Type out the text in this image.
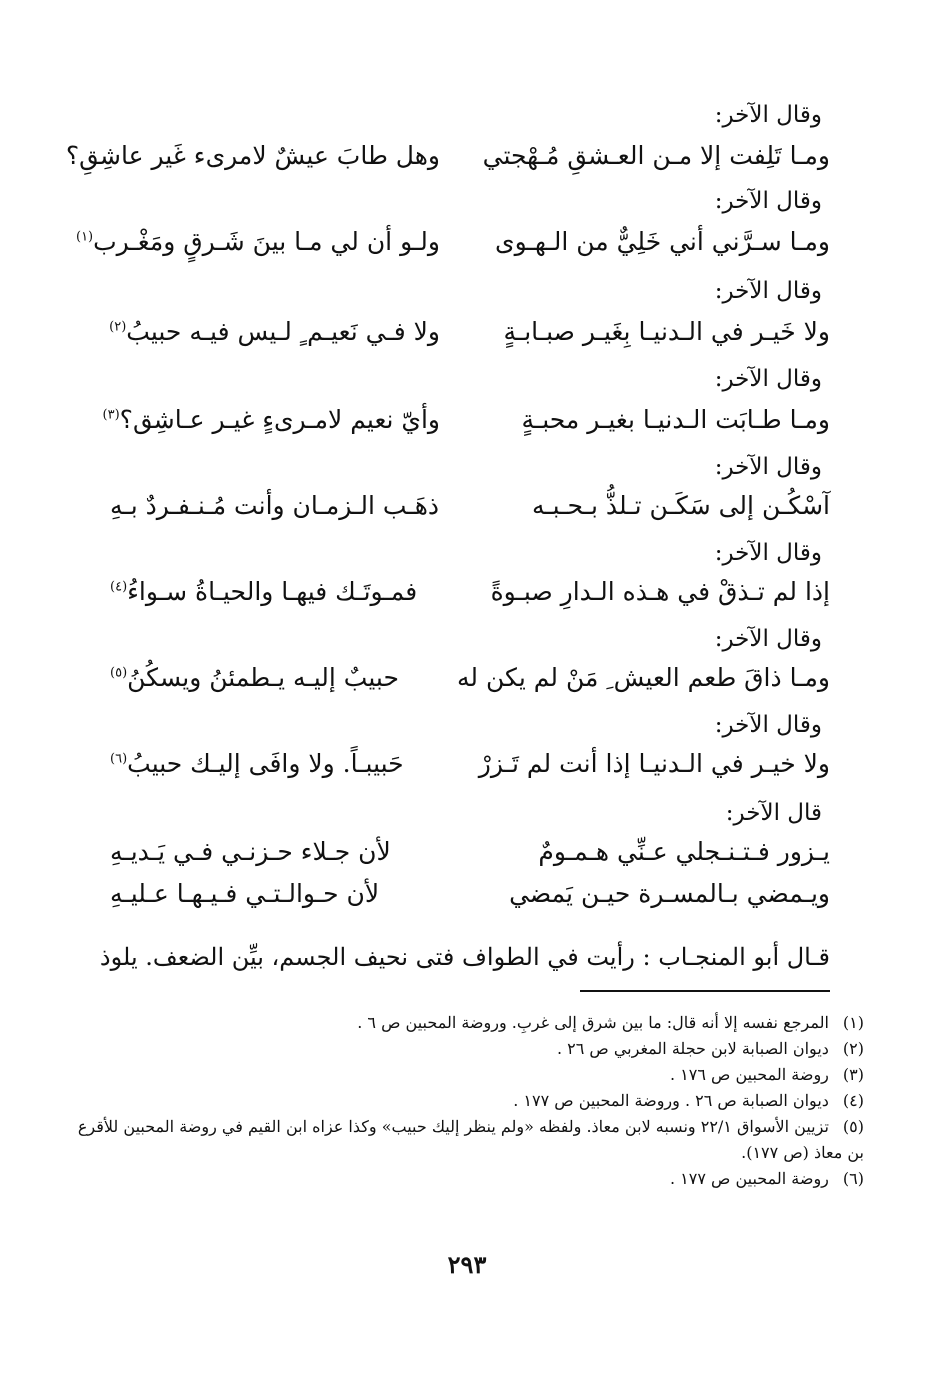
وقال الآخر:
ومـا تَلِفت إلا مـن العـشقِ مُـهْجتي
وهل طابَ عيشٌ لامرىء غَير عاشِقِ؟
وقال الآخر:
ومـا سـرَّني أني خَلِيٌّ من الـهـوى
ولـو أن لي مـا بينَ شَـرقٍ ومَغْـرب$^{(١)}$
وقال الآخر:
ولا خَيـر في الـدنيـا بِغَيـر صبـابـةٍ
ولا فـي نَعيـم ٍ لـيس فيـه حبيبُ$^{(٢)}$
وقال الآخر:
ومـا طـابَت الـدنيـا بغيـر محبـةٍ
وأيّ نعيم لامـرىءٍ غيـر عـاشِق؟$^{(٣)}$
وقال الآخر:
آسْكُـن إلى سَكَـن تـلذُّ بـحـبـه
ذهَـب الـزمـان وأنت مُـنـفـردٌ بـهِ
وقال الآخر:
إذا لم تـذقْ في هـذه الـدارِ صبـوةً
فمـوتَـك فيهـا والحيـاةُ سـواءُ$^{(٤)}$
وقال الآخر:
ومـا ذاقَ طعم العيش ِ مَنْ لم يكن له
حبيبٌ إليـه يـطمئنُ ويسكُنُ$^{(٥)}$
وقال الآخر:
ولا خيـر في الـدنيـا إذا أنت لم تَـزرْ
حَبيبـاً. ولا وافَى إليـك حبيبُ$^{(٦)}$
قال الآخر:
يـزور فـتـنـجلي عـنِّي هـمـومٌ
لأن جـلاء حـزنـي فـي يَـديـهِ
ويـمضي بـالمسـرة حيـن يَمضي
لأن حـوالـتـي فـيـهـا عـليـهِ
قـال أبو المنجـاب : رأيت في الطواف فتى نحيف الجسم، بيِّن الضعف. يلوذ
(١) المرجع نفسه إلا أنه قال: ما بين شرق إلى غربِ. وروضة المحبين ص ٦ .
(٢) ديوان الصبابة لابن حجلة المغربي ص ٢٦ .
(٣) روضة المحبين ص ١٧٦ .
(٤) ديوان الصبابة ص ٢٦ . وروضة المحبين ص ١٧٧ .
(٥) تزيين الأسواق ٢٢/١ ونسبه لابن معاذ. ولفظه «ولم ينظر إليك حبيب» وكذا عزاه ابن القيم في روضة المحبين للأقرع بن معاذ (ص ١٧٧).
(٦) روضة المحبين ص ١٧٧ .
٢٩٣
